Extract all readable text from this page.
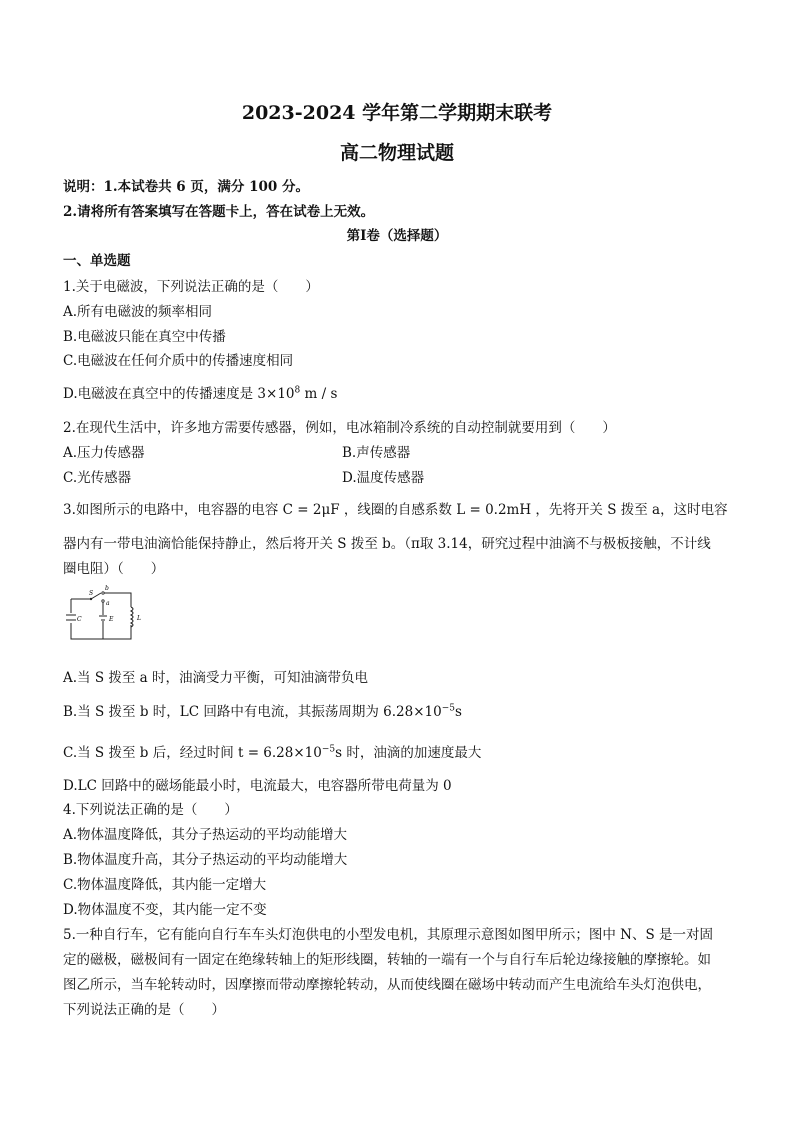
2023-2024 学年第二学期期末联考
高二物理试题
说明：1.本试卷共 6 页，满分 100 分。
2.请将所有答案填写在答题卡上，答在试卷上无效。
第Ⅰ卷（选择题）
一、单选题
1.关于电磁波，下列说法正确的是（　　）
A.所有电磁波的频率相同
B.电磁波只能在真空中传播
C.电磁波在任何介质中的传播速度相同
D.电磁波在真空中的传播速度是 $3\times 10^8$ m / s
2.在现代生活中，许多地方需要传感器，例如，电冰箱制冷系统的自动控制就要用到（　　）
A.压力传感器	B.声传感器
C.光传感器	D.温度传感器
3.如图所示的电路中，电容器的电容 C = 2μF ，线圈的自感系数 L = 0.2mH ，先将开关 S 拨至 a，这时电容
器内有一带电油滴恰能保持静止，然后将开关 S 拨至 b。（π取 3.14，研究过程中油滴不与极板接触，不计线
圈电阻）（　　）
S
b
a
C	E	L
A.当 S 拨至 a 时，油滴受力平衡，可知油滴带负电
B.当 S 拨至 b 时，LC 回路中有电流，其振荡周期为 $6.28\times 10^{-5}s$
C.当 S 拨至 b 后，经过时间 $t = 6.28\times 10^{-5}s$ 时，油滴的加速度最大
D.LC 回路中的磁场能最小时，电流最大，电容器所带电荷量为 0
4.下列说法正确的是（　　）
A.物体温度降低，其分子热运动的平均动能增大
B.物体温度升高，其分子热运动的平均动能增大
C.物体温度降低，其内能一定增大
D.物体温度不变，其内能一定不变
5.一种自行车，它有能向自行车车头灯泡供电的小型发电机，其原理示意图如图甲所示；图中 N、S 是一对固
定的磁极，磁极间有一固定在绝缘转轴上的矩形线圈，转轴的一端有一个与自行车后轮边缘接触的摩擦轮。如
图乙所示，当车轮转动时，因摩擦而带动摩擦轮转动，从而使线圈在磁场中转动而产生电流给车头灯泡供电，
下列说法正确的是（　　）
